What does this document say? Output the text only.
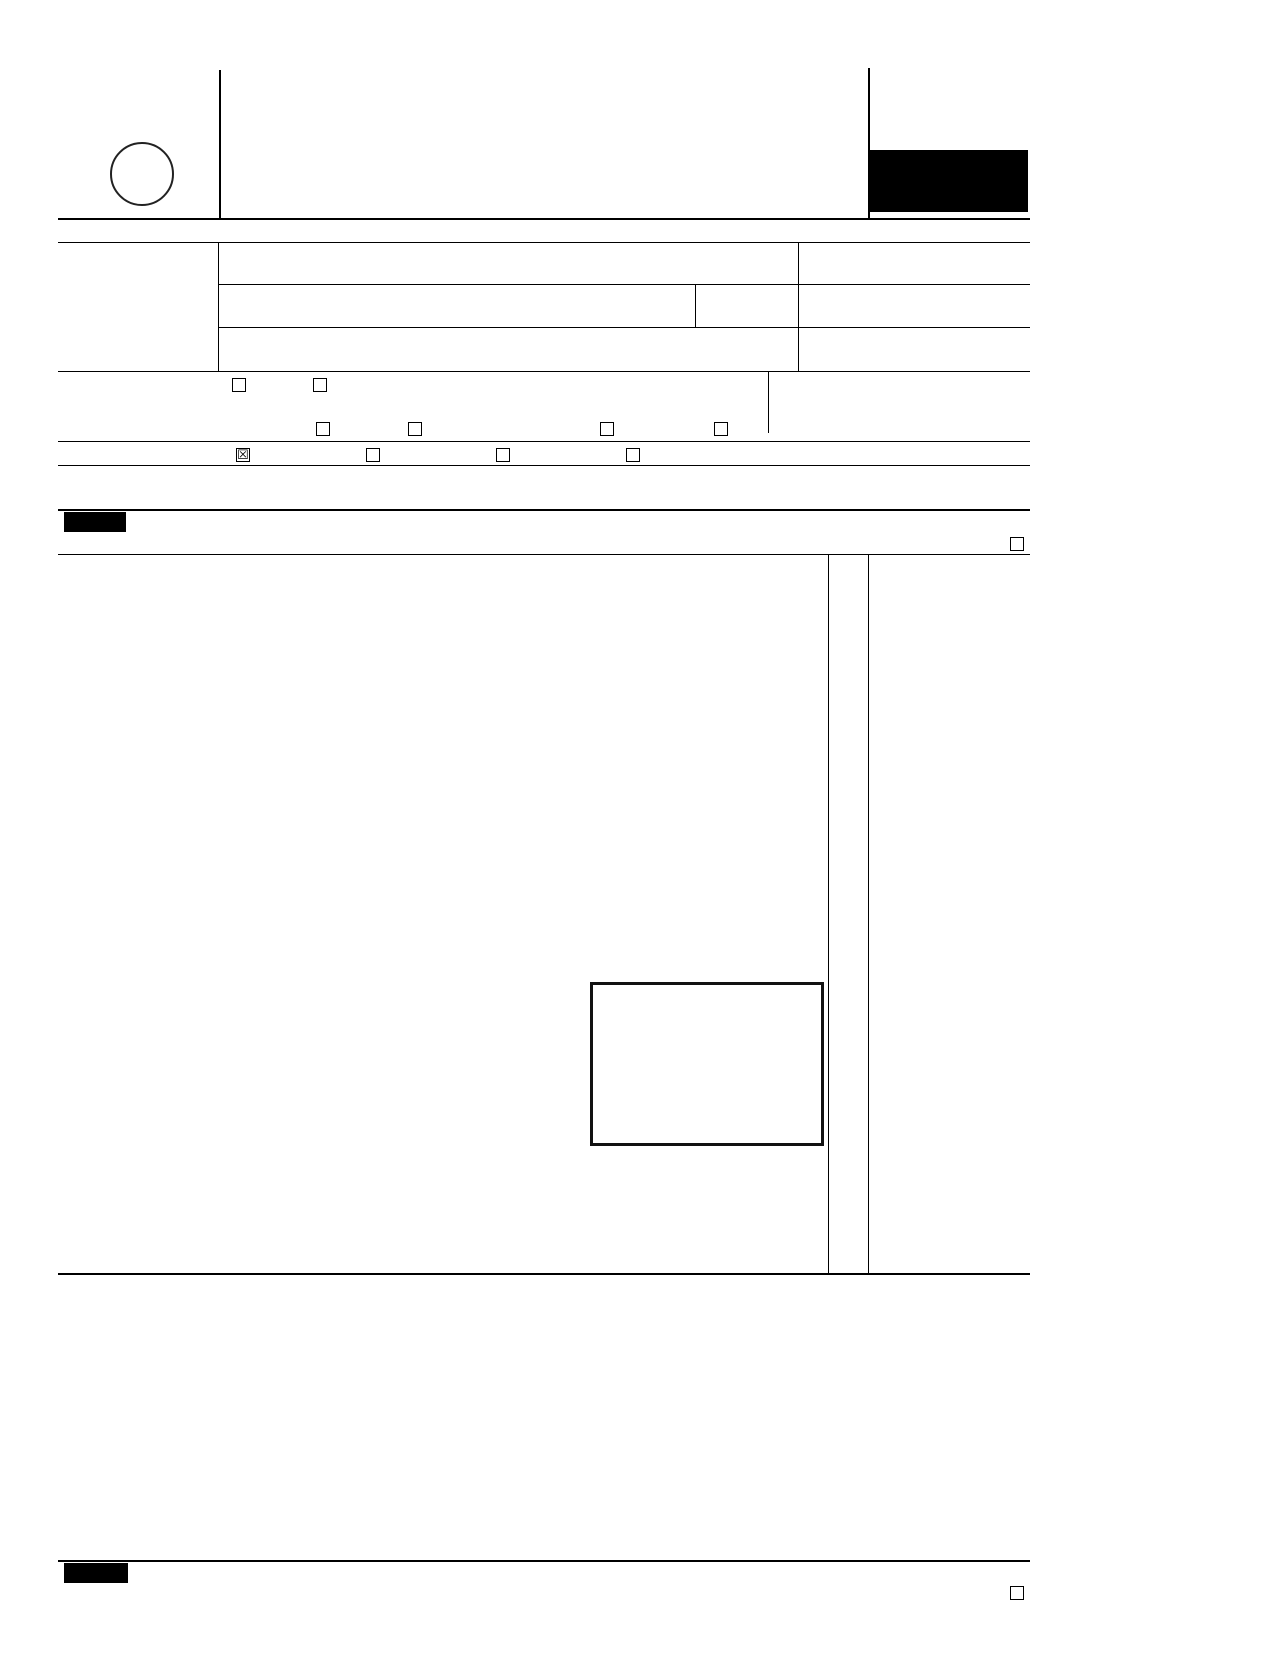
☒
